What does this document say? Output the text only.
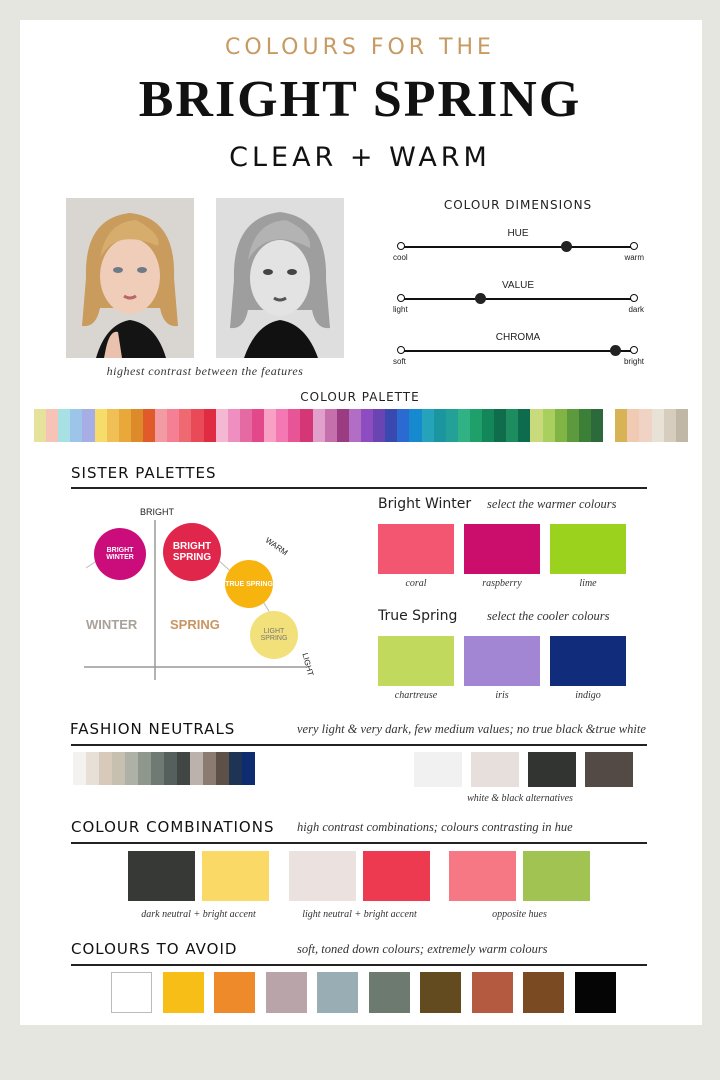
COLOURS FOR THE
BRIGHT SPRING
CLEAR + WARM
highest contrast between the features
COLOUR DIMENSIONS
HUE
cool	warm
VALUE
light	dark
CHROMA
soft	bright
COLOUR PALETTE
SISTER PALETTES
BRIGHT
WARM
LIGHT
WINTER	SPRING
BRIGHT WINTER
BRIGHT
SPRING
TRUE SPRING
LIGHT SPRING
Bright Winter select the warmer colours
coral	raspberry	lime
True Spring select the cooler colours
chartreuse	iris	indigo
FASHION NEUTRALS	very light & very dark, few medium values; no true black &true white
white & black alternatives
COLOUR COMBINATIONS high contrast combinations; colours contrasting in hue
dark neutral + bright accent	light neutral + bright accent	opposite hues
COLOURS TO AVOID	soft, toned down colours; extremely warm colours
